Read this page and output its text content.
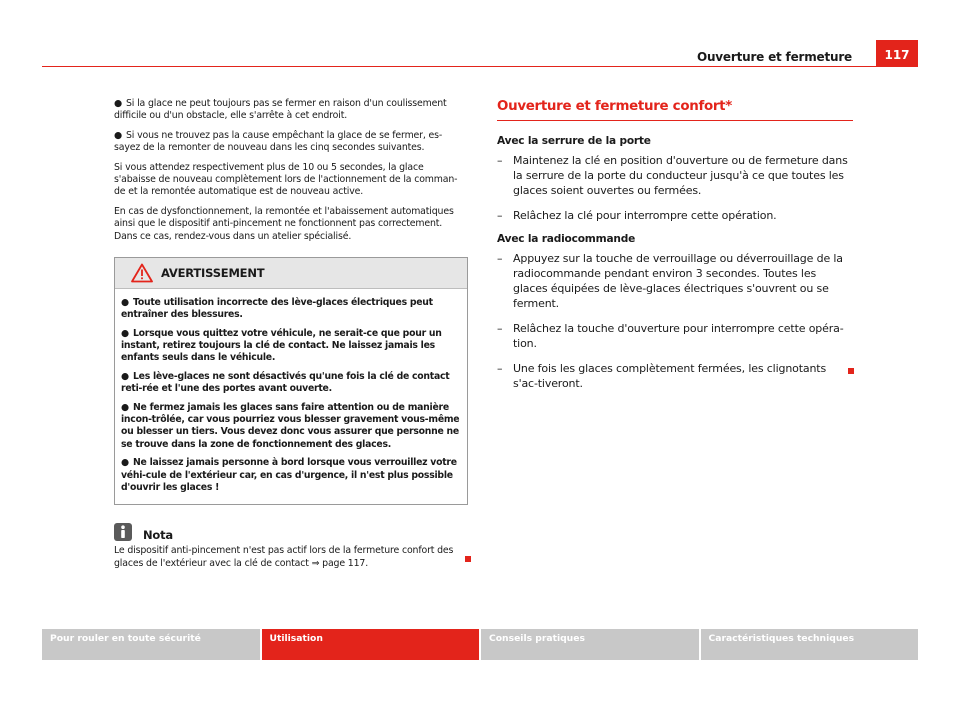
Ouverture et fermeture	117

● Si la glace ne peut toujours pas se fermer en raison d'un coulissement difficile ou d'un obstacle, elle s'arrête à cet endroit.

● Si vous ne trouvez pas la cause empêchant la glace de se fermer, es-sayez de la remonter de nouveau dans les cinq secondes suivantes.

Si vous attendez respectivement plus de 10 ou 5 secondes, la glace s'abaisse de nouveau complètement lors de l'actionnement de la comman-de et la remontée automatique est de nouveau active.

En cas de dysfonctionnement, la remontée et l'abaissement automatiques ainsi que le dispositif anti-pincement ne fonctionnent pas correctement. Dans ce cas, rendez-vous dans un atelier spécialisé.

AVERTISSEMENT

● Toute utilisation incorrecte des lève-glaces électriques peut entraîner des blessures.

● Lorsque vous quittez votre véhicule, ne serait-ce que pour un instant, retirez toujours la clé de contact. Ne laissez jamais les enfants seuls dans le véhicule.

● Les lève-glaces ne sont désactivés qu'une fois la clé de contact reti-rée et l'une des portes avant ouverte.

● Ne fermez jamais les glaces sans faire attention ou de manière incon-trôlée, car vous pourriez vous blesser gravement vous-même ou blesser un tiers. Vous devez donc vous assurer que personne ne se trouve dans la zone de fonctionnement des glaces.

● Ne laissez jamais personne à bord lorsque vous verrouillez votre véhi-cule de l'extérieur car, en cas d'urgence, il n'est plus possible d'ouvrir les glaces !

Nota
Le dispositif anti-pincement n'est pas actif lors de la fermeture confort des glaces de l'extérieur avec la clé de contact ⇒ page 117.
Ouverture et fermeture confort*

Avec la serrure de la porte

– Maintenez la clé en position d'ouverture ou de fermeture dans la serrure de la porte du conducteur jusqu'à ce que toutes les glaces soient ouvertes ou fermées.
– Relâchez la clé pour interrompre cette opération.

Avec la radiocommande

– Appuyez sur la touche de verrouillage ou déverrouillage de la radiocommande pendant environ 3 secondes. Toutes les glaces équipées de lève-glaces électriques s'ouvrent ou se ferment.
– Relâchez la touche d'ouverture pour interrompre cette opéra-tion.
– Une fois les glaces complètement fermées, les clignotants s'ac-tiveront.
Pour rouler en toute sécurité	Utilisation	Conseils pratiques	Caractéristiques techniques
